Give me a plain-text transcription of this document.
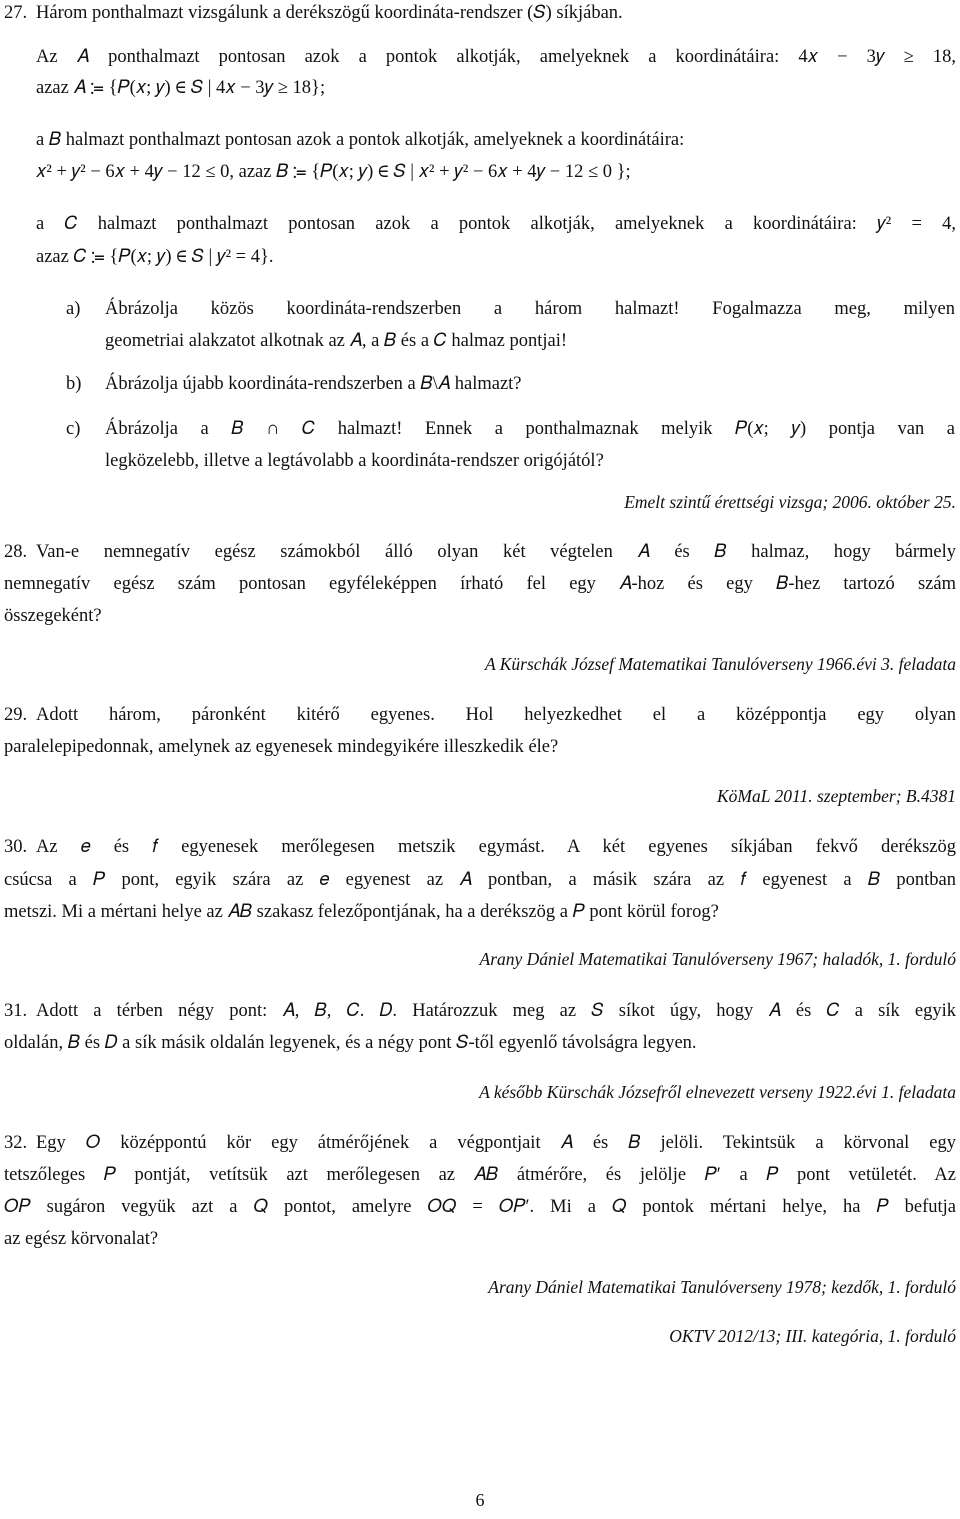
27. Három ponthalmazt vizsgálunk a derékszögű koordináta-rendszer (𝑆) síkjában.
Az 𝐴 ponthalmazt pontosan azok a pontok alkotják, amelyeknek a koordinátáira: 4𝑥 − 3𝑦 ≥ 18,
azaz 𝐴 ≔ {𝑃(𝑥; 𝑦) ∈ 𝑆 | 4𝑥 − 3𝑦 ≥ 18};
a 𝐵 halmazt ponthalmazt pontosan azok a pontok alkotják, amelyeknek a koordinátáira:
𝑥² + 𝑦² − 6𝑥 + 4𝑦 − 12 ≤ 0, azaz 𝐵 ≔ {𝑃(𝑥; 𝑦) ∈ 𝑆 | 𝑥² + 𝑦² − 6𝑥 + 4𝑦 − 12 ≤ 0 };
a 𝐶 halmazt ponthalmazt pontosan azok a pontok alkotják, amelyeknek a koordinátáira: 𝑦² = 4,
azaz 𝐶 ≔ {𝑃(𝑥; 𝑦) ∈ 𝑆 | 𝑦² = 4}.
a) Ábrázolja közös koordináta-rendszerben a három halmazt! Fogalmazza meg, milyen
geometriai alakzatot alkotnak az 𝐴, a 𝐵 és a 𝐶 halmaz pontjai!
b) Ábrázolja újabb koordináta-rendszerben a 𝐵\𝐴 halmazt?
c) Ábrázolja a 𝐵 ∩ 𝐶 halmazt! Ennek a ponthalmaznak melyik 𝑃(𝑥; 𝑦) pontja van a
legközelebb, illetve a legtávolabb a koordináta-rendszer origójától?
Emelt szintű érettségi vizsga; 2006. október 25.
28. Van-e nemnegatív egész számokból álló olyan két végtelen 𝐴 és 𝐵 halmaz, hogy bármely
nemnegatív egész szám pontosan egyféleképpen írható fel egy 𝐴-hoz és egy 𝐵-hez tartozó szám
összegeként?
A Kürschák József Matematikai Tanulóverseny 1966.évi 3. feladata
29. Adott három, páronként kitérő egyenes. Hol helyezkedhet el a középpontja egy olyan
paralelepipedonnak, amelynek az egyenesek mindegyikére illeszkedik éle?
KöMaL 2011. szeptember; B.4381
30. Az 𝑒 és 𝑓 egyenesek merőlegesen metszik egymást. A két egyenes síkjában fekvő derékszög
csúcsa a 𝑃 pont, egyik szára az 𝑒 egyenest az 𝐴 pontban, a másik szára az 𝑓 egyenest a 𝐵 pontban
metszi. Mi a mértani helye az 𝐴𝐵 szakasz felezőpontjának, ha a derékszög a 𝑃 pont körül forog?
Arany Dániel Matematikai Tanulóverseny 1967; haladók, 1. forduló
31. Adott a térben négy pont: 𝐴, 𝐵, 𝐶. 𝐷. Határozzuk meg az 𝑆 síkot úgy, hogy 𝐴 és 𝐶 a sík egyik
oldalán, 𝐵 és 𝐷 a sík másik oldalán legyenek, és a négy pont 𝑆-től egyenlő távolságra legyen.
A később Kürschák Józsefről elnevezett verseny 1922.évi 1. feladata
32. Egy 𝑂 középpontú kör egy átmérőjének a végpontjait 𝐴 és 𝐵 jelöli. Tekintsük a körvonal egy
tetszőleges 𝑃 pontját, vetítsük azt merőlegesen az 𝐴𝐵 átmérőre, és jelölje 𝑃′ a 𝑃 pont vetületét. Az
𝑂𝑃 sugáron vegyük azt a 𝑄 pontot, amelyre 𝑂𝑄 = 𝑂𝑃′. Mi a 𝑄 pontok mértani helye, ha 𝑃 befutja
az egész körvonalat?
Arany Dániel Matematikai Tanulóverseny 1978; kezdők, 1. forduló
OKTV 2012/13; III. kategória, 1. forduló
6
